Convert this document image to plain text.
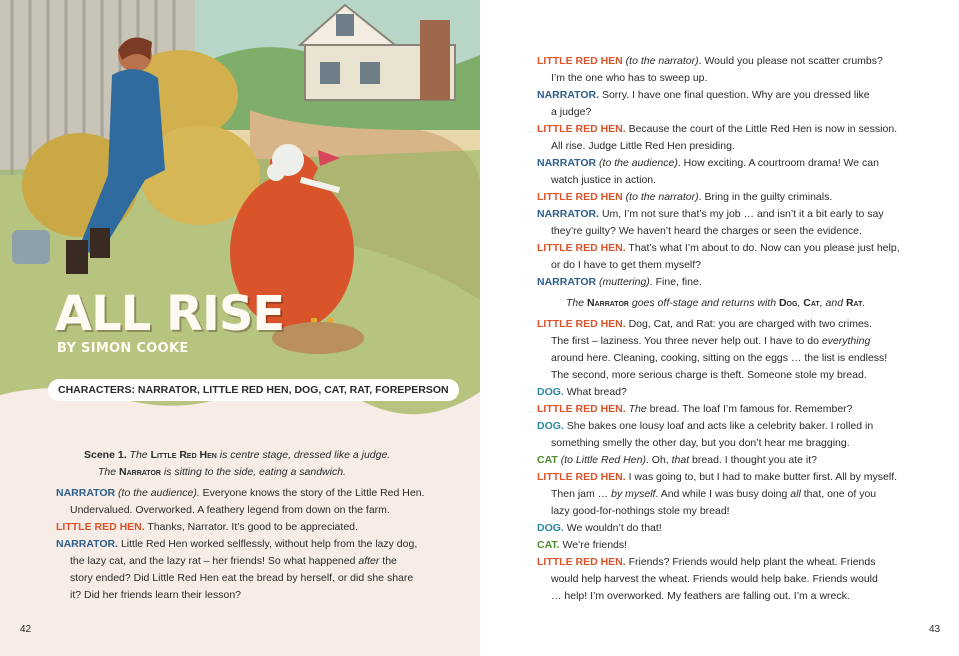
ALL RISE
BY SIMON COOKE
CHARACTERS: NARRATOR, LITTLE RED HEN, DOG, CAT, RAT, FOREPERSON
Scene 1. The Little Red Hen is centre stage, dressed like a judge.
The Narrator is sitting to the side, eating a sandwich.
NARRATOR (to the audience). Everyone knows the story of the Little Red Hen.
Undervalued. Overworked. A feathery legend from down on the farm.
LITTLE RED HEN. Thanks, Narrator. It’s good to be appreciated.
NARRATOR. Little Red Hen worked selflessly, without help from the lazy dog,
the lazy cat, and the lazy rat – her friends! So what happened after the
story ended? Did Little Red Hen eat the bread by herself, or did she share
it? Did her friends learn their lesson?
42
LITTLE RED HEN (to the narrator). Would you please not scatter crumbs?
I’m the one who has to sweep up.
NARRATOR. Sorry. I have one final question. Why are you dressed like
a judge?
LITTLE RED HEN. Because the court of the Little Red Hen is now in session.
All rise. Judge Little Red Hen presiding.
NARRATOR (to the audience). How exciting. A courtroom drama! We can
watch justice in action.
LITTLE RED HEN (to the narrator). Bring in the guilty criminals.
NARRATOR. Um, I’m not sure that’s my job … and isn’t it a bit early to say
they’re guilty? We haven’t heard the charges or seen the evidence.
LITTLE RED HEN. That’s what I’m about to do. Now can you please just help,
or do I have to get them myself?
NARRATOR (muttering). Fine, fine.
The Narrator goes off-stage and returns with Dog, Cat, and Rat.
LITTLE RED HEN. Dog, Cat, and Rat: you are charged with two crimes.
The first – laziness. You three never help out. I have to do everything
around here. Cleaning, cooking, sitting on the eggs … the list is endless!
The second, more serious charge is theft. Someone stole my bread.
DOG. What bread?
LITTLE RED HEN. The bread. The loaf I’m famous for. Remember?
DOG. She bakes one lousy loaf and acts like a celebrity baker. I rolled in
something smelly the other day, but you don’t hear me bragging.
CAT (to Little Red Hen). Oh, that bread. I thought you ate it?
LITTLE RED HEN. I was going to, but I had to make butter first. All by myself.
Then jam … by myself. And while I was busy doing all that, one of you
lazy good-for-nothings stole my bread!
DOG. We wouldn’t do that!
CAT. We’re friends!
LITTLE RED HEN. Friends? Friends would help plant the wheat. Friends
would help harvest the wheat. Friends would help bake. Friends would
… help! I’m overworked. My feathers are falling out. I’m a wreck.
43
